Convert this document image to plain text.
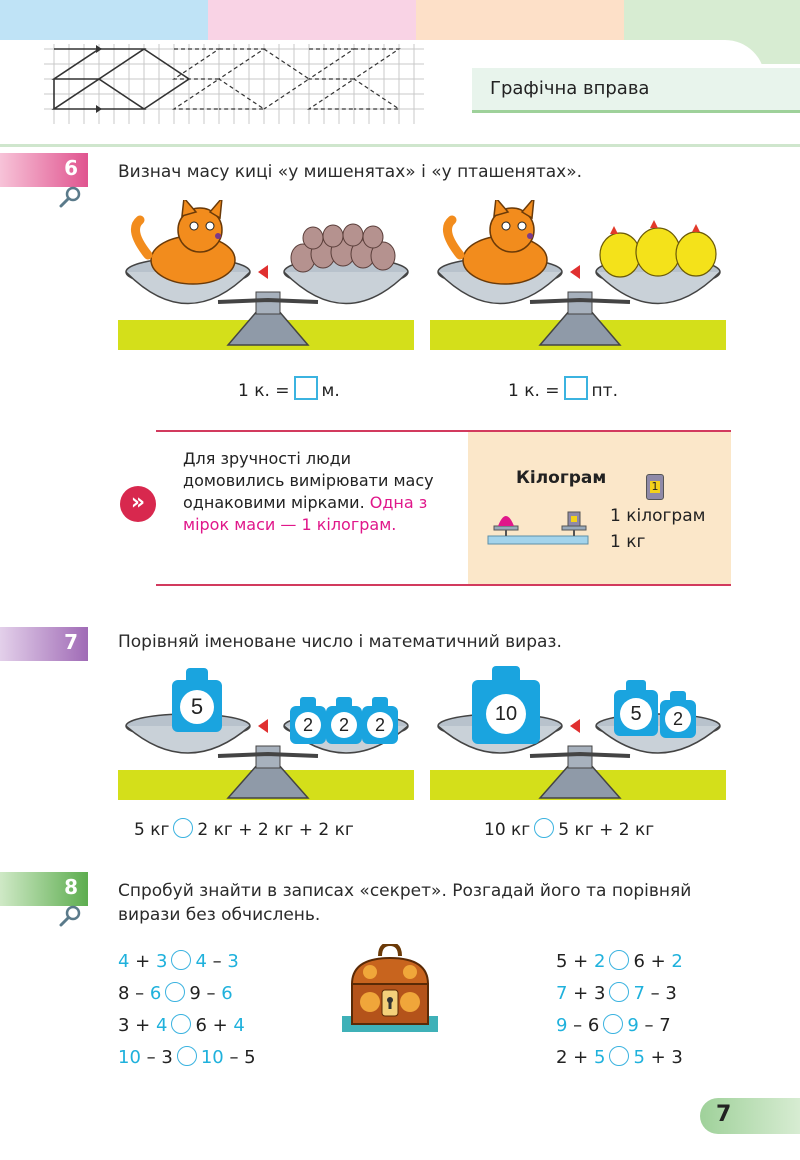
Графічна вправа
6 Визнач масу киці «у мишенятах» і «у пташенятах».
1 к. = м.	1 к. = пт.
»
Для зручності люди домовились вимірювати масу однаковими мірками. Одна з мірок маси — 1 кілограм.
Кілограм	1
1 кілограм
1 кг
7 Порівняй іменоване число і математичний вираз.
5
2	2	2
5 кг 2 кг + 2 кг + 2 кг
10	5	2
10 кг 5 кг + 2 кг
8 Спробуй знайти в записах «секрет». Розгадай його та порівняй вирази без обчислень.
4 + 3 4 – 3
8 – 6 9 – 6
3 + 4 6 + 4
10 – 3 10 – 5
5 + 2 6 + 2
7 + 3 7 – 3
9 – 6 9 – 7
2 + 5 5 + 3
7
